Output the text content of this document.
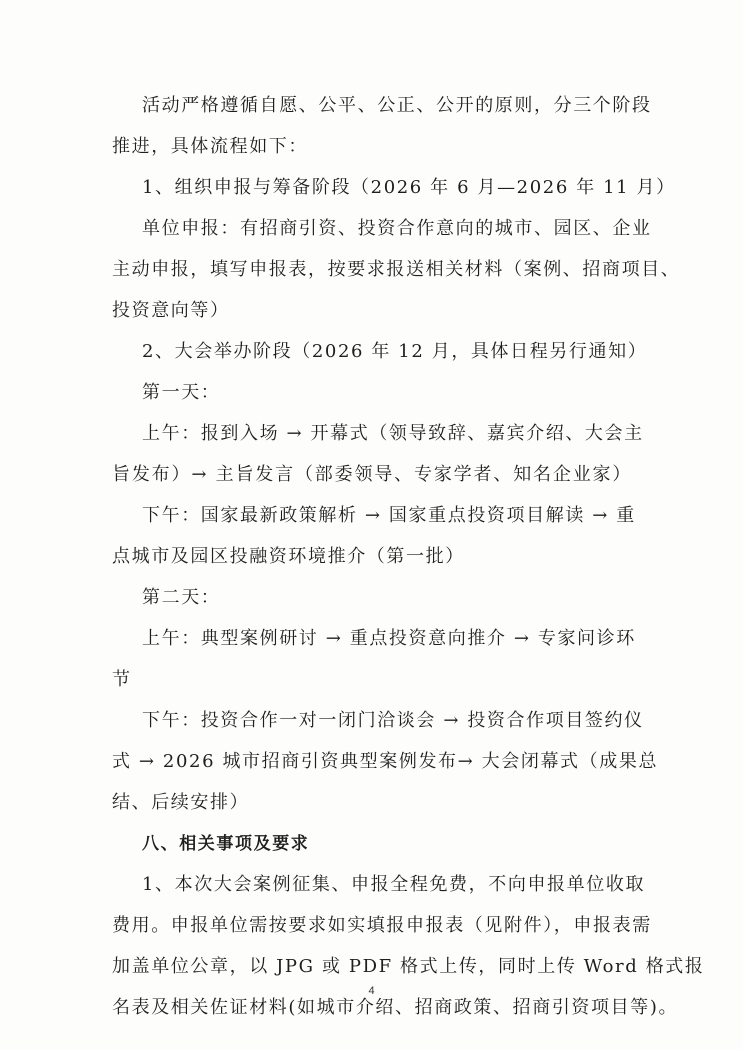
活动严格遵循自愿、公平、公正、公开的原则，分三个阶段
推进，具体流程如下：
1、组织申报与筹备阶段（2026 年 6 月—2026 年 11 月）
单位申报：有招商引资、投资合作意向的城市、园区、企业
主动申报，填写申报表，按要求报送相关材料（案例、招商项目、
投资意向等）
2、大会举办阶段（2026 年 12 月，具体日程另行通知）
第一天：
上午：报到入场 → 开幕式（领导致辞、嘉宾介绍、大会主
旨发布）→ 主旨发言（部委领导、专家学者、知名企业家）
下午：国家最新政策解析 → 国家重点投资项目解读 → 重
点城市及园区投融资环境推介（第一批）
第二天：
上午：典型案例研讨 → 重点投资意向推介 → 专家问诊环
节
下午：投资合作一对一闭门洽谈会 → 投资合作项目签约仪
式 → 2026 城市招商引资典型案例发布→ 大会闭幕式（成果总
结、后续安排）
八、相关事项及要求
1、本次大会案例征集、申报全程免费，不向申报单位收取
费用。申报单位需按要求如实填报申报表（见附件），申报表需
加盖单位公章，以 JPG 或 PDF 格式上传，同时上传 Word 格式报
名表及相关佐证材料(如城市介绍、招商政策、招商引资项目等)。
4
